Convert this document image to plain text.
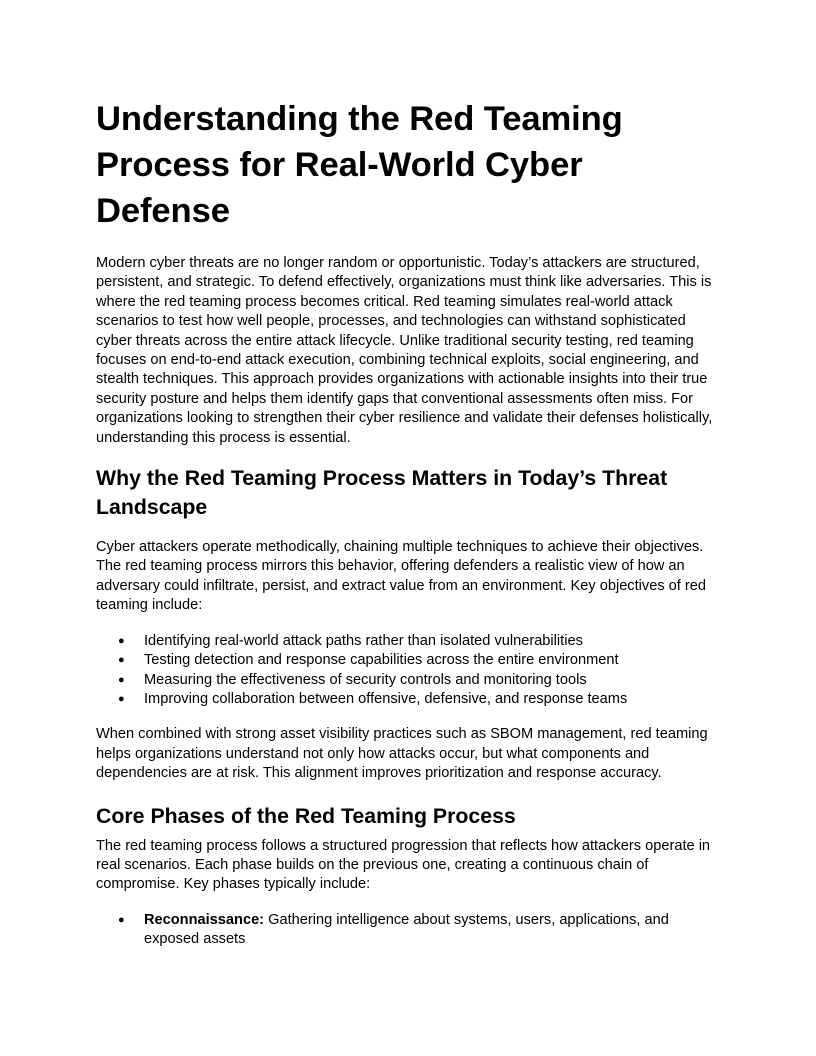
Understanding the Red Teaming Process for Real-World Cyber Defense

Modern cyber threats are no longer random or opportunistic. Today’s attackers are structured, persistent, and strategic. To defend effectively, organizations must think like adversaries. This is where the red teaming process becomes critical. Red teaming simulates real-world attack scenarios to test how well people, processes, and technologies can withstand sophisticated cyber threats across the entire attack lifecycle. Unlike traditional security testing, red teaming focuses on end-to-end attack execution, combining technical exploits, social engineering, and stealth techniques. This approach provides organizations with actionable insights into their true security posture and helps them identify gaps that conventional assessments often miss. For organizations looking to strengthen their cyber resilience and validate their defenses holistically, understanding this process is essential.

Why the Red Teaming Process Matters in Today’s Threat Landscape

Cyber attackers operate methodically, chaining multiple techniques to achieve their objectives. The red teaming process mirrors this behavior, offering defenders a realistic view of how an adversary could infiltrate, persist, and extract value from an environment. Key objectives of red teaming include:

● Identifying real-world attack paths rather than isolated vulnerabilities
● Testing detection and response capabilities across the entire environment
● Measuring the effectiveness of security controls and monitoring tools
● Improving collaboration between offensive, defensive, and response teams

When combined with strong asset visibility practices such as SBOM management, red teaming helps organizations understand not only how attacks occur, but what components and dependencies are at risk. This alignment improves prioritization and response accuracy.

Core Phases of the Red Teaming Process

The red teaming process follows a structured progression that reflects how attackers operate in real scenarios. Each phase builds on the previous one, creating a continuous chain of compromise. Key phases typically include:

● Reconnaissance: Gathering intelligence about systems, users, applications, and exposed assets
